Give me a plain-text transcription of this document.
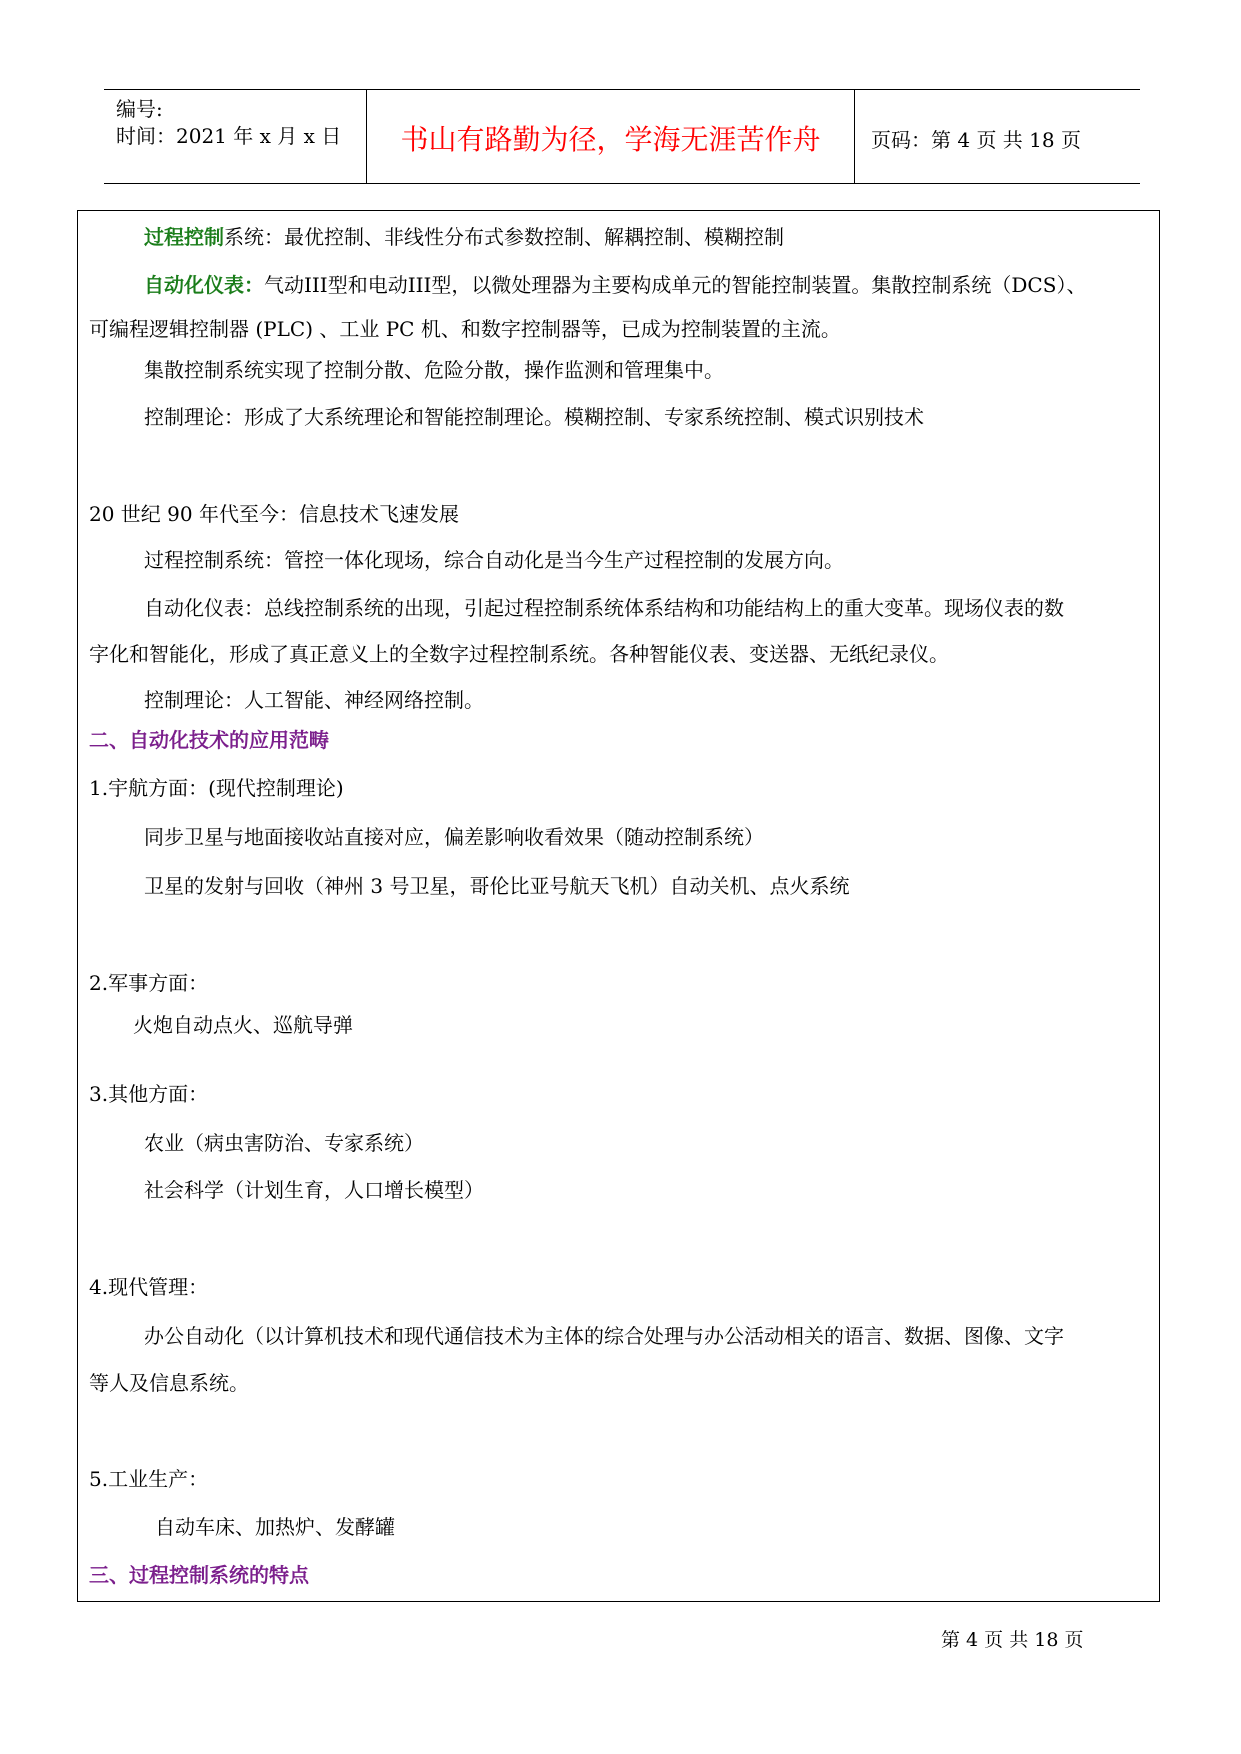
编号:
时间：2021 年 x 月 x 日	书山有路勤为径，学海无涯苦作舟	页码：第 4 页 共 18 页
过程控制系统：最优控制、非线性分布式参数控制、解耦控制、模糊控制
自动化仪表：气动III型和电动III型，以微处理器为主要构成单元的智能控制装置。集散控制系统（DCS）、
可编程逻辑控制器 (PLC) 、工业 PC 机、和数字控制器等，已成为控制装置的主流。
集散控制系统实现了控制分散、危险分散，操作监测和管理集中。
控制理论：形成了大系统理论和智能控制理论。模糊控制、专家系统控制、模式识别技术
20 世纪 90 年代至今：信息技术飞速发展
过程控制系统：管控一体化现场，综合自动化是当今生产过程控制的发展方向。
自动化仪表：总线控制系统的出现，引起过程控制系统体系结构和功能结构上的重大变革。现场仪表的数
字化和智能化，形成了真正意义上的全数字过程控制系统。各种智能仪表、变送器、无纸纪录仪。
控制理论：人工智能、神经网络控制。
二、自动化技术的应用范畴
1.宇航方面：(现代控制理论)
同步卫星与地面接收站直接对应，偏差影响收看效果（随动控制系统）
卫星的发射与回收（神州 3 号卫星，哥伦比亚号航天飞机）自动关机、点火系统
2.军事方面：
火炮自动点火、巡航导弹
3.其他方面：
农业（病虫害防治、专家系统）
社会科学（计划生育，人口增长模型）
4.现代管理：
办公自动化（以计算机技术和现代通信技术为主体的综合处理与办公活动相关的语言、数据、图像、文字
等人及信息系统。
5.工业生产：
自动车床、加热炉、发酵罐
三、过程控制系统的特点
第 4 页 共 18 页
